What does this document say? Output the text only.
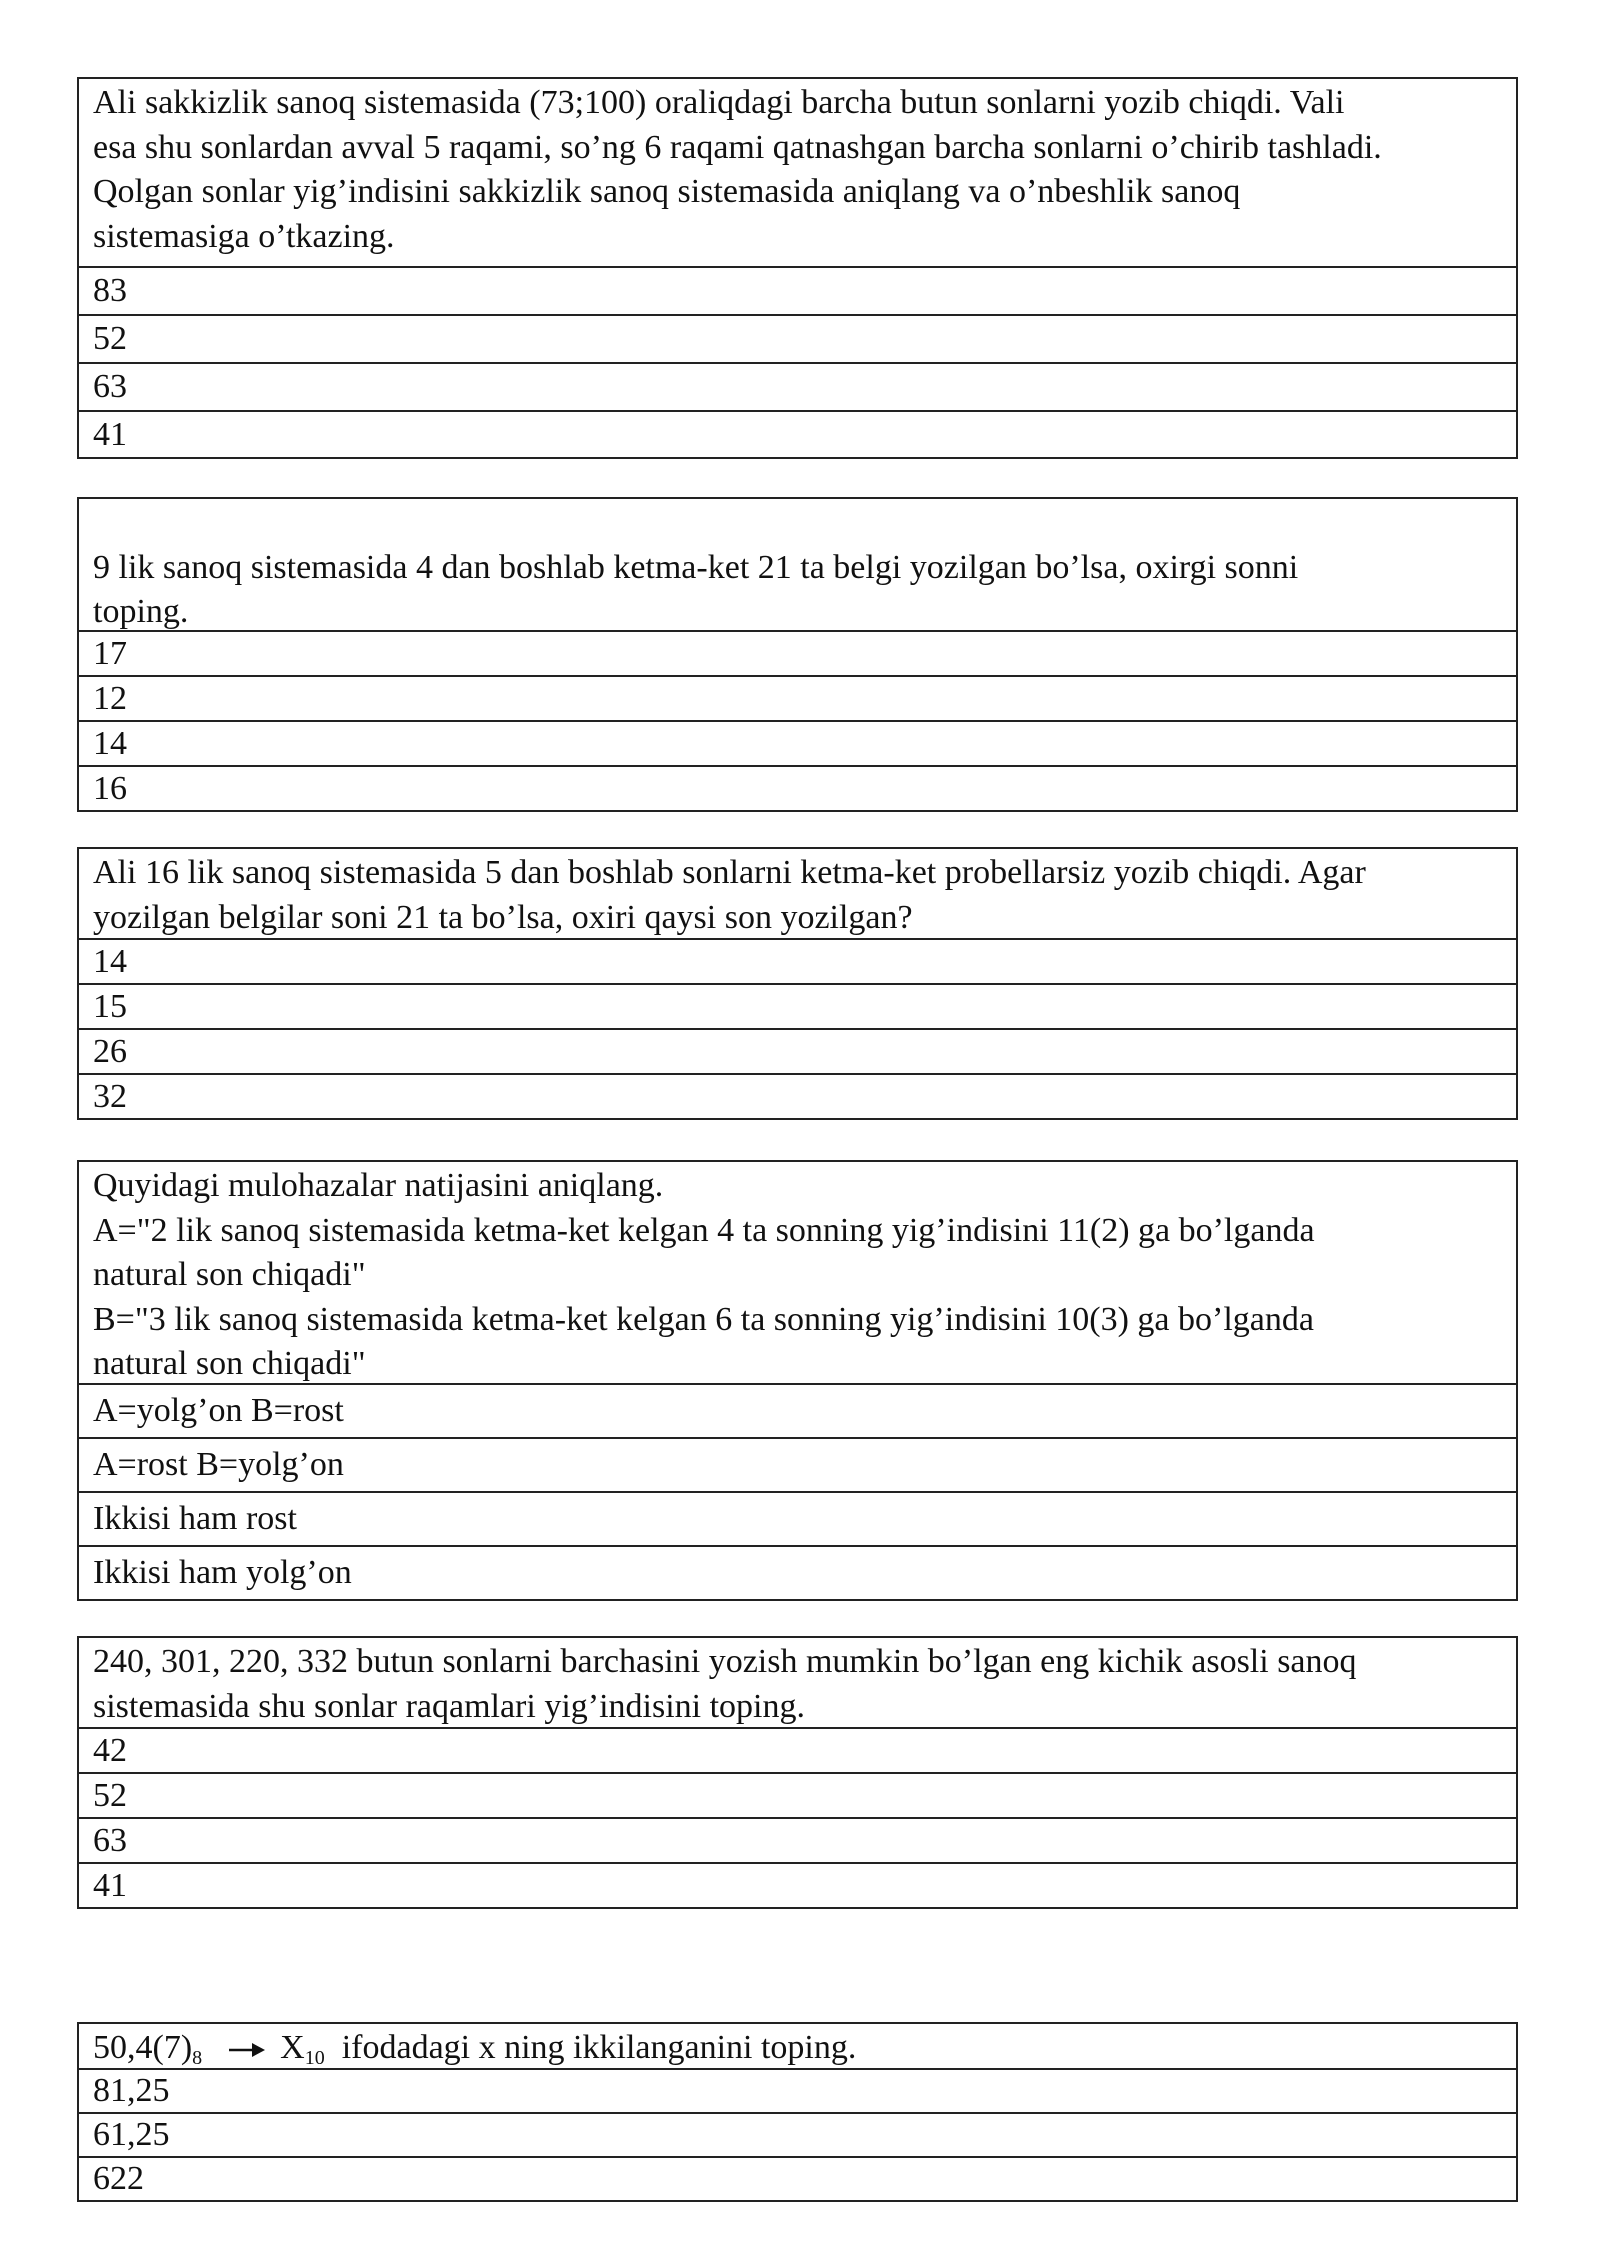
Ali sakkizlik sanoq sistemasida (73;100) oraliqdagi barcha butun sonlarni yozib chiqdi. Vali
esa shu sonlardan avval 5 raqami, so’ng 6 raqami qatnashgan barcha sonlarni o’chirib tashladi.
Qolgan sonlar yig’indisini sakkizlik sanoq sistemasida aniqlang va o’nbeshlik sanoq
sistemasiga o’tkazing.
83
52
63
41
9 lik sanoq sistemasida 4 dan boshlab ketma-ket 21 ta belgi yozilgan bo’lsa, oxirgi sonni
toping.
17
12
14
16
Ali 16 lik sanoq sistemasida 5 dan boshlab sonlarni ketma-ket probellarsiz yozib chiqdi. Agar
yozilgan belgilar soni 21 ta bo’lsa, oxiri qaysi son yozilgan?
14
15
26
32
Quyidagi mulohazalar natijasini aniqlang.
A="2 lik sanoq sistemasida ketma-ket kelgan 4 ta sonning yig’indisini 11(2) ga bo’lganda
natural son chiqadi"
B="3 lik sanoq sistemasida ketma-ket kelgan 6 ta sonning yig’indisini 10(3) ga bo’lganda
natural son chiqadi"
A=yolg’on B=rost
A=rost B=yolg’on
Ikkisi ham rost
Ikkisi ham yolg’on
240, 301, 220, 332 butun sonlarni barchasini yozish mumkin bo’lgan eng kichik asosli sanoq
sistemasida shu sonlar raqamlari yig’indisini toping.
42
52
63
41
$50,4(7)_8$ $X_{10}$ ifodadagi x ning ikkilanganini toping.
81,25
61,25
622
